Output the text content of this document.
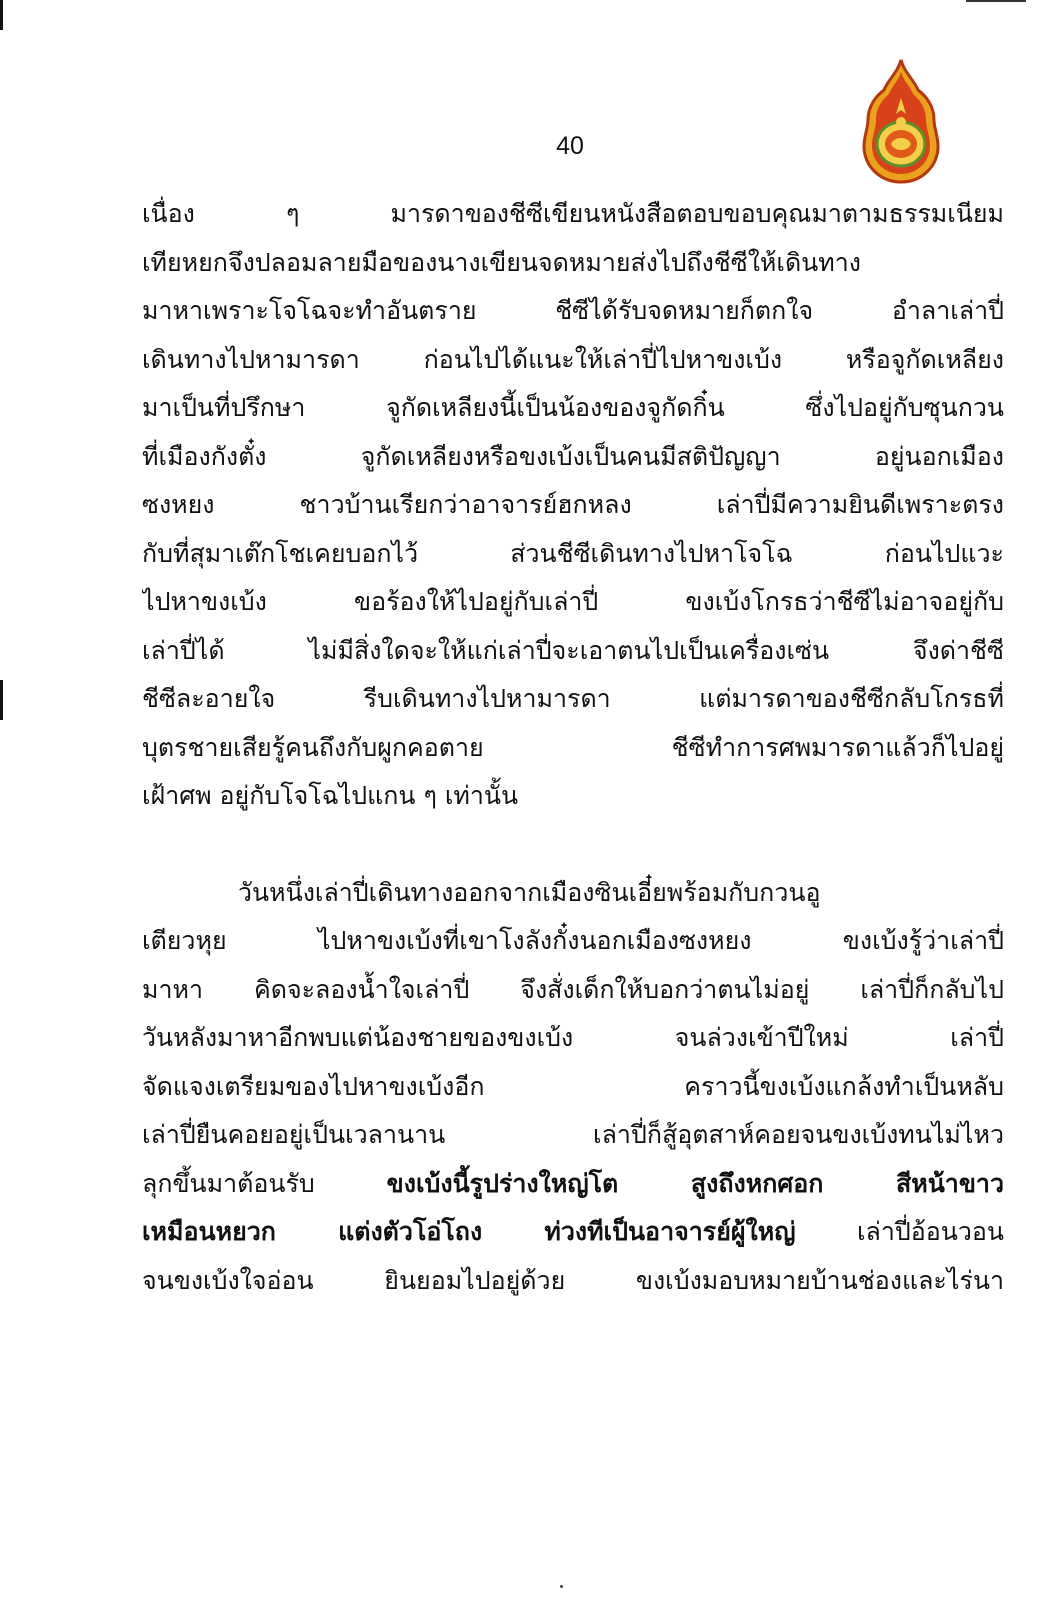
40
เนื่อง ๆ มารดาของชีซีเขียนหนังสือตอบขอบคุณมาตามธรรมเนียม
เทียหยกจึงปลอมลายมือของนางเขียนจดหมายส่งไปถึงชีซีให้เดินทาง
มาหาเพราะโจโฉจะทำอันตราย ชีซีได้รับจดหมายก็ตกใจ อำลาเล่าปี่
เดินทางไปหามารดา ก่อนไปได้แนะให้เล่าปี่ไปหาขงเบ้ง หรือจูกัดเหลียง
มาเป็นที่ปรึกษา จูกัดเหลียงนี้เป็นน้องของจูกัดกิ๋น ซึ่งไปอยู่กับซุนกวน
ที่เมืองกังตั๋ง จูกัดเหลียงหรือขงเบ้งเป็นคนมีสติปัญญา อยู่นอกเมือง
ซงหยง ชาวบ้านเรียกว่าอาจารย์ฮกหลง เล่าปี่มีความยินดีเพราะตรง
กับที่สุมาเต๊กโชเคยบอกไว้ ส่วนชีซีเดินทางไปหาโจโฉ ก่อนไปแวะ
ไปหาขงเบ้ง ขอร้องให้ไปอยู่กับเล่าปี่ ขงเบ้งโกรธว่าชีซีไม่อาจอยู่กับ
เล่าปี่ได้ ไม่มีสิ่งใดจะให้แก่เล่าปี่จะเอาตนไปเป็นเครื่องเซ่น จึงด่าชีซี
ชีซีละอายใจ รีบเดินทางไปหามารดา แต่มารดาของชีซีกลับโกรธที่
บุตรชายเสียรู้คนถึงกับผูกคอตาย ชีซีทำการศพมารดาแล้วก็ไปอยู่
เฝ้าศพ อยู่กับโจโฉไปแกน ๆ เท่านั้น
วันหนึ่งเล่าปี่เดินทางออกจากเมืองซินเอี๋ยพร้อมกับกวนอู
เตียวหุย ไปหาขงเบ้งที่เขาโงลังกั๋งนอกเมืองซงหยง ขงเบ้งรู้ว่าเล่าปี่
มาหา คิดจะลองน้ำใจเล่าปี่ จึงสั่งเด็กให้บอกว่าตนไม่อยู่ เล่าปี่ก็กลับไป
วันหลังมาหาอีกพบแต่น้องชายของขงเบ้ง จนล่วงเข้าปีใหม่ เล่าปี่
จัดแจงเตรียมของไปหาขงเบ้งอีก คราวนี้ขงเบ้งแกล้งทำเป็นหลับ
เล่าปี่ยืนคอยอยู่เป็นเวลานาน เล่าปี่ก็สู้อุตสาห์คอยจนขงเบ้งทนไม่ไหว
ลุกขึ้นมาต้อนรับ ขงเบ้งนี้รูปร่างใหญ่โต สูงถึงหกศอก สีหน้าขาว
เหมือนหยวก แต่งตัวโอ่โถง ท่วงทีเป็นอาจารย์ผู้ใหญ่ เล่าปี่อ้อนวอน
จนขงเบ้งใจอ่อน ยินยอมไปอยู่ด้วย ขงเบ้งมอบหมายบ้านช่องและไร่นา
